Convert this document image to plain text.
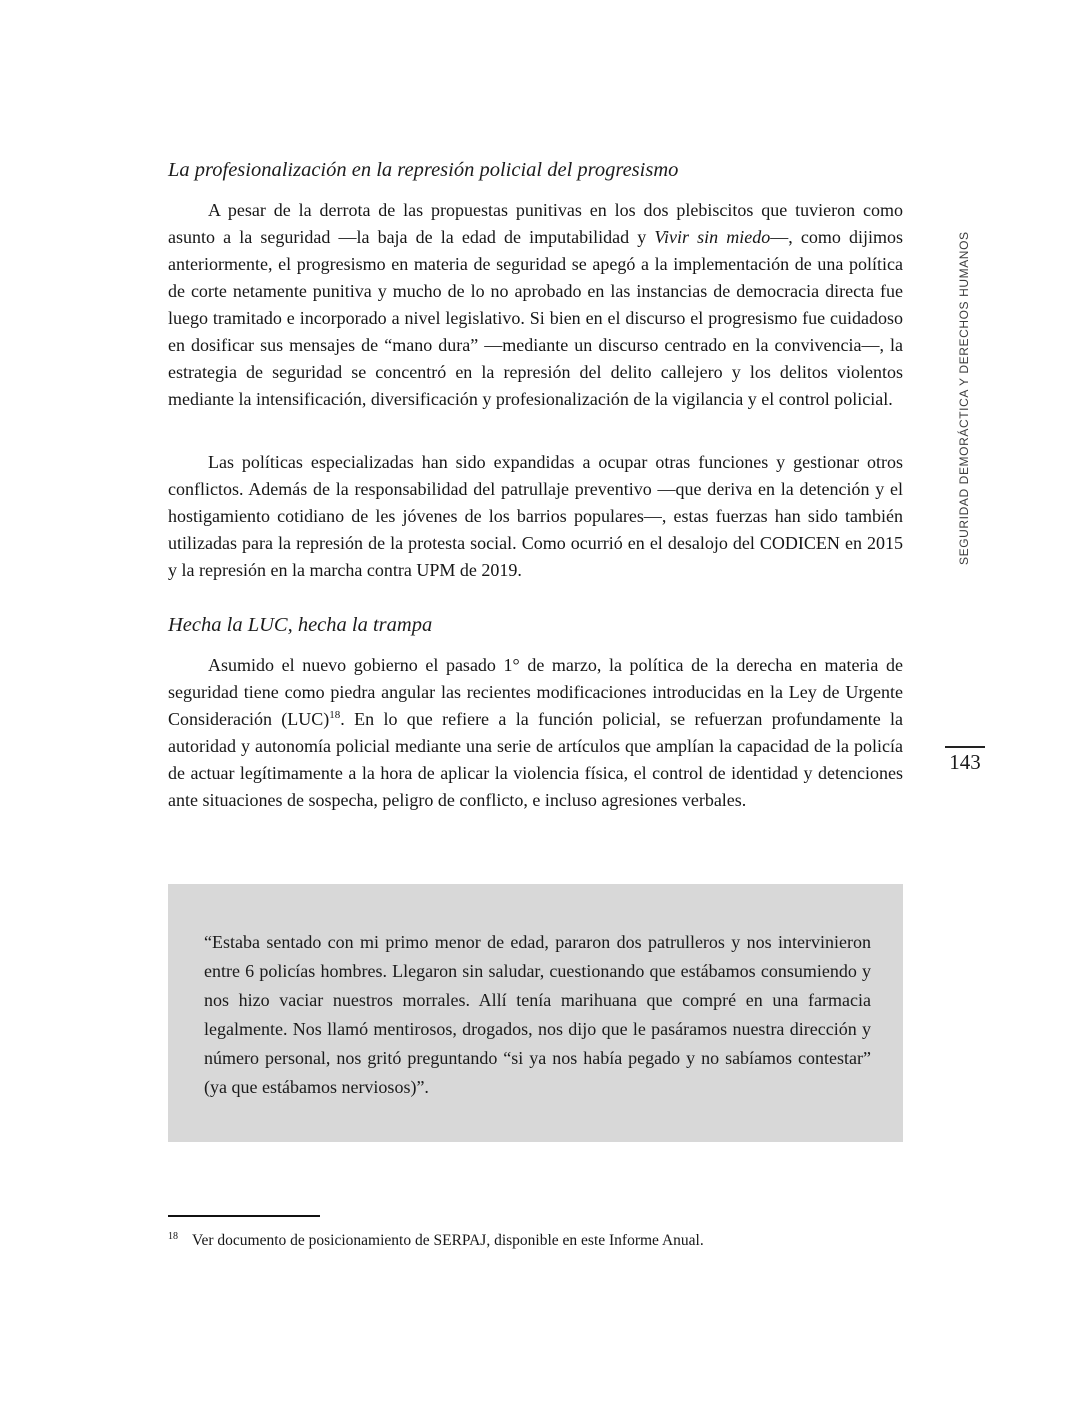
La profesionalización en la represión policial del progresismo

A pesar de la derrota de las propuestas punitivas en los dos plebiscitos que tuvieron como asunto a la seguridad —la baja de la edad de imputabilidad y Vivir sin miedo—, como dijimos anteriormente, el progresismo en materia de seguridad se apegó a la implementación de una política de corte netamente punitiva y mucho de lo no aprobado en las instancias de democracia directa fue luego tramitado e incorporado a nivel legislativo. Si bien en el discurso el progresismo fue cuidadoso en dosificar sus mensajes de “mano dura” —mediante un discurso centrado en la convivencia—, la estrategia de seguridad se concentró en la represión del delito callejero y los delitos violentos mediante la intensificación, diversificación y profesionalización de la vigilancia y el control policial.

Las políticas especializadas han sido expandidas a ocupar otras funciones y gestionar otros conflictos. Además de la responsabilidad del patrullaje preventivo —que deriva en la detención y el hostigamiento cotidiano de les jóvenes de los barrios populares—, estas fuerzas han sido también utilizadas para la represión de la protesta social. Como ocurrió en el desalojo del CODICEN en 2015 y la represión en la marcha contra UPM de 2019.

Hecha la LUC, hecha la trampa

Asumido el nuevo gobierno el pasado 1° de marzo, la política de la derecha en materia de seguridad tiene como piedra angular las recientes modificaciones introducidas en la Ley de Urgente Consideración (LUC)$^{18}$. En lo que refiere a la función policial, se refuerzan profundamente la autoridad y autonomía policial mediante una serie de artículos que amplían la capacidad de la policía de actuar legítimamente a la hora de aplicar la violencia física, el control de identidad y detenciones ante situaciones de sospecha, peligro de conflicto, e incluso agresiones verbales.

“Estaba sentado con mi primo menor de edad, pararon dos patrulleros y nos intervinieron entre 6 policías hombres. Llegaron sin saludar, cuestionando que estábamos consumiendo y nos hizo vaciar nuestros morrales. Allí tenía marihuana que compré en una farmacia legalmente. Nos llamó mentirosos, drogados, nos dijo que le pasáramos nuestra dirección y número personal, nos gritó preguntando “si ya nos había pegado y no sabíamos contestar” (ya que estábamos nerviosos)”.

$^{18}$ Ver documento de posicionamiento de SERPAJ, disponible en este Informe Anual.

SEGURIDAD DEMORÁCTICA Y DERECHOS HUMANOS
143
